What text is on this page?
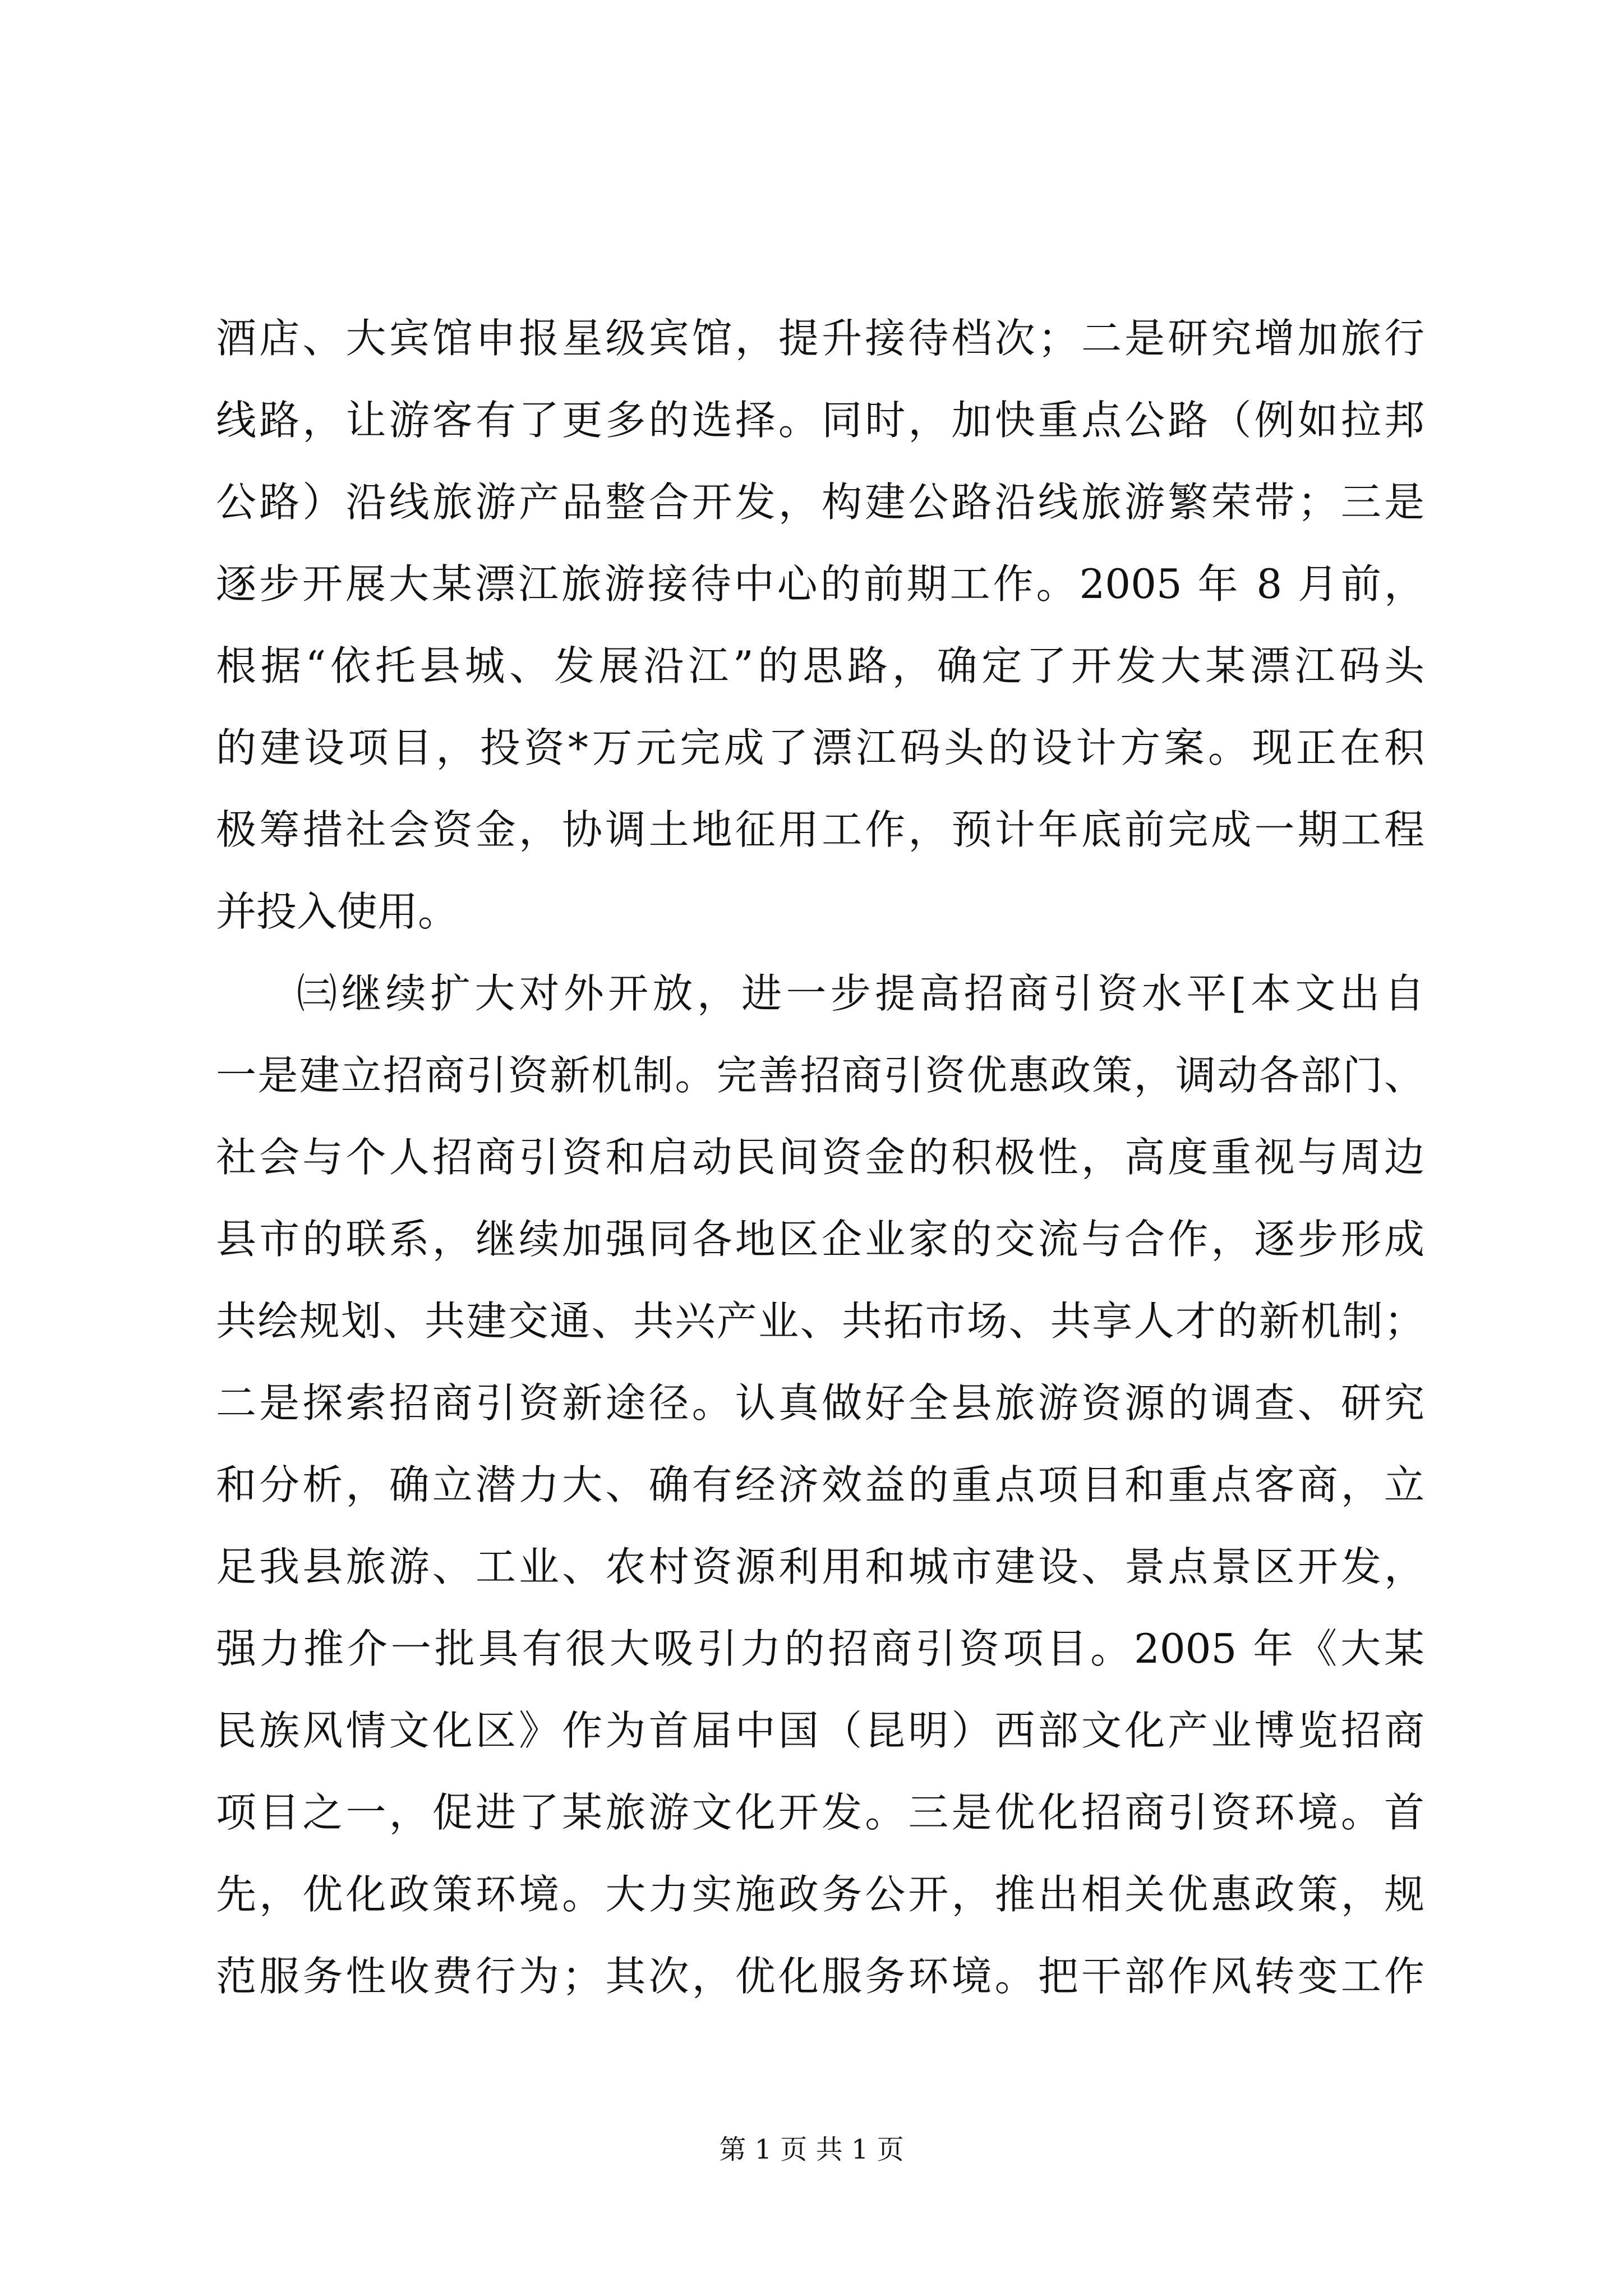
酒店、大宾馆申报星级宾馆，提升接待档次；二是研究增加旅行
线路，让游客有了更多的选择。同时，加快重点公路（例如拉邦
公路）沿线旅游产品整合开发，构建公路沿线旅游繁荣带；三是
逐步开展大某漂江旅游接待中心的前期工作。2005 年 8 月前，
根据“依托县城、发展沿江”的思路，确定了开发大某漂江码头
的建设项目，投资*万元完成了漂江码头的设计方案。现正在积
极筹措社会资金，协调土地征用工作，预计年底前完成一期工程
并投入使用。
㈢继续扩大对外开放，进一步提高招商引资水平[本文出自
一是建立招商引资新机制。完善招商引资优惠政策，调动各部门、
社会与个人招商引资和启动民间资金的积极性，高度重视与周边
县市的联系，继续加强同各地区企业家的交流与合作，逐步形成
共绘规划、共建交通、共兴产业、共拓市场、共享人才的新机制；
二是探索招商引资新途径。认真做好全县旅游资源的调查、研究
和分析，确立潜力大、确有经济效益的重点项目和重点客商，立
足我县旅游、工业、农村资源利用和城市建设、景点景区开发，
强力推介一批具有很大吸引力的招商引资项目。2005 年《大某
民族风情文化区》作为首届中国（昆明）西部文化产业博览招商
项目之一，促进了某旅游文化开发。三是优化招商引资环境。首
先，优化政策环境。大力实施政务公开，推出相关优惠政策，规
范服务性收费行为；其次，优化服务环境。把干部作风转变工作
第 1 页 共 1 页
